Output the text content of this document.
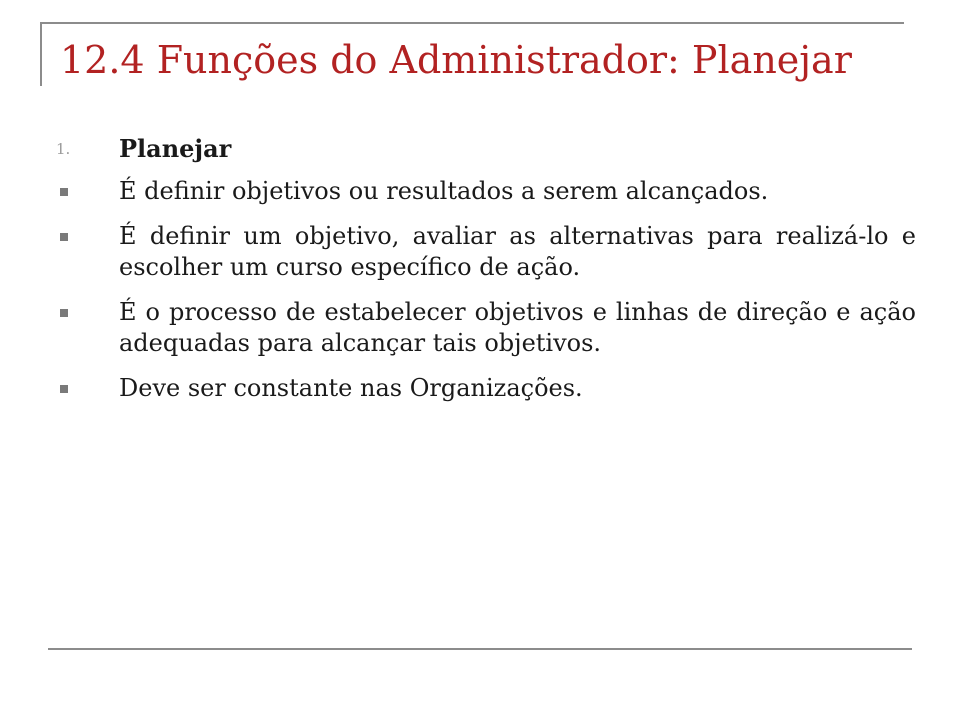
12.4 Funções do Administrador: Planejar
1. Planejar
É definir objetivos ou resultados a serem alcançados.
É definir um objetivo, avaliar as alternativas para realizá-lo e escolher um curso específico de ação.
É o processo de estabelecer objetivos e linhas de direção e ação adequadas para alcançar tais objetivos.
Deve ser constante nas Organizações.
